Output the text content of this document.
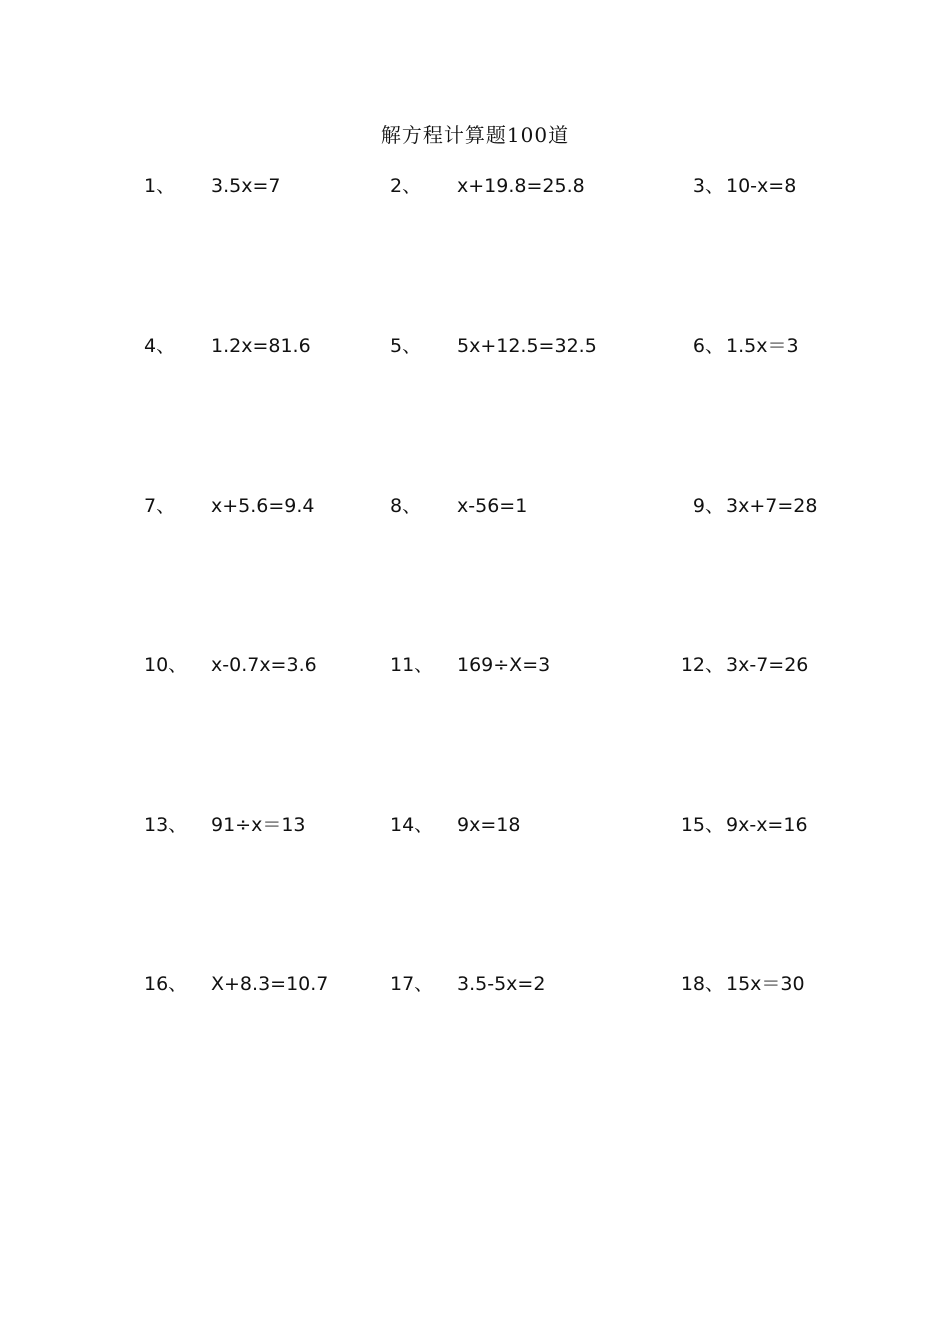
解方程计算题100道
1、 3.5x=7	2、 x+19.8=25.8	3、 10-x=8
4、 1.2x=81.6	5、 5x+12.5=32.5	6、 1.5x＝3
7、 x+5.6=9.4	8、 x-56=1	9、 3x+7=28
10、 x-0.7x=3.6	11、 169÷X=3	12、 3x-7=26
13、 91÷x＝13	14、 9x=18	15、 9x-x=16
16、 X+8.3=10.7	17、 3.5-5x=2	18、 15x＝30
